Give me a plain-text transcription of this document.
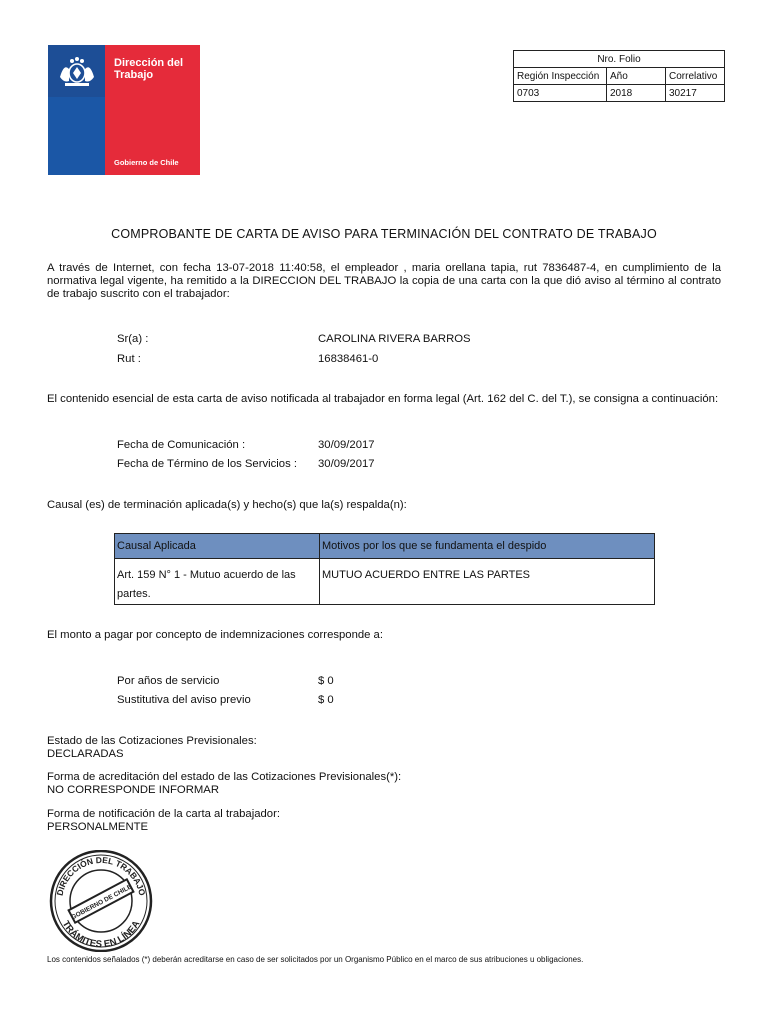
Dirección del
Trabajo
Gobierno de Chile
Nro. Folio		
Región Inspección	Año	Correlativo
0703	2018	30217
COMPROBANTE DE CARTA DE AVISO PARA TERMINACIÓN DEL CONTRATO DE TRABAJO
A través de Internet, con fecha 13-07-2018 11:40:58, el empleador , maria orellana tapia, rut 7836487-4, en cumplimiento de la normativa legal vigente, ha remitido a la DIRECCION DEL TRABAJO la copia de una carta con la que dió aviso al término al contrato de trabajo suscrito con el trabajador:
Sr(a) :	CAROLINA RIVERA BARROS
Rut :	16838461-0
El contenido esencial de esta carta de aviso notificada al trabajador en forma legal (Art. 162 del C. del T.), se consigna a continuación:
Fecha de Comunicación :	30/09/2017
Fecha de Término de los Servicios : 30/09/2017
Causal (es) de terminación aplicada(s) y hecho(s) que la(s) respalda(n):
Causal Aplicada	Motivos por los que se fundamenta el despido
Art. 159 N° 1 - Mutuo acuerdo de las partes.	MUTUO ACUERDO ENTRE LAS PARTES
El monto a pagar por concepto de indemnizaciones corresponde a:
Por años de servicio	$ 0
Sustitutiva del aviso previo	$ 0
Estado de las Cotizaciones Previsionales:
DECLARADAS
Forma de acreditación del estado de las Cotizaciones Previsionales(*):
NO CORRESPONDE INFORMAR
Forma de notificación de la carta al trabajador:
PERSONALMENTE
DIRECCIÓN DEL TRABAJO
TRÁMITES EN LÍNEA
GOBIERNO DE CHILE
Los contenidos señalados (*) deberán acreditarse en caso de ser solicitados por un Organismo Público en el marco de sus atribuciones u obligaciones.
